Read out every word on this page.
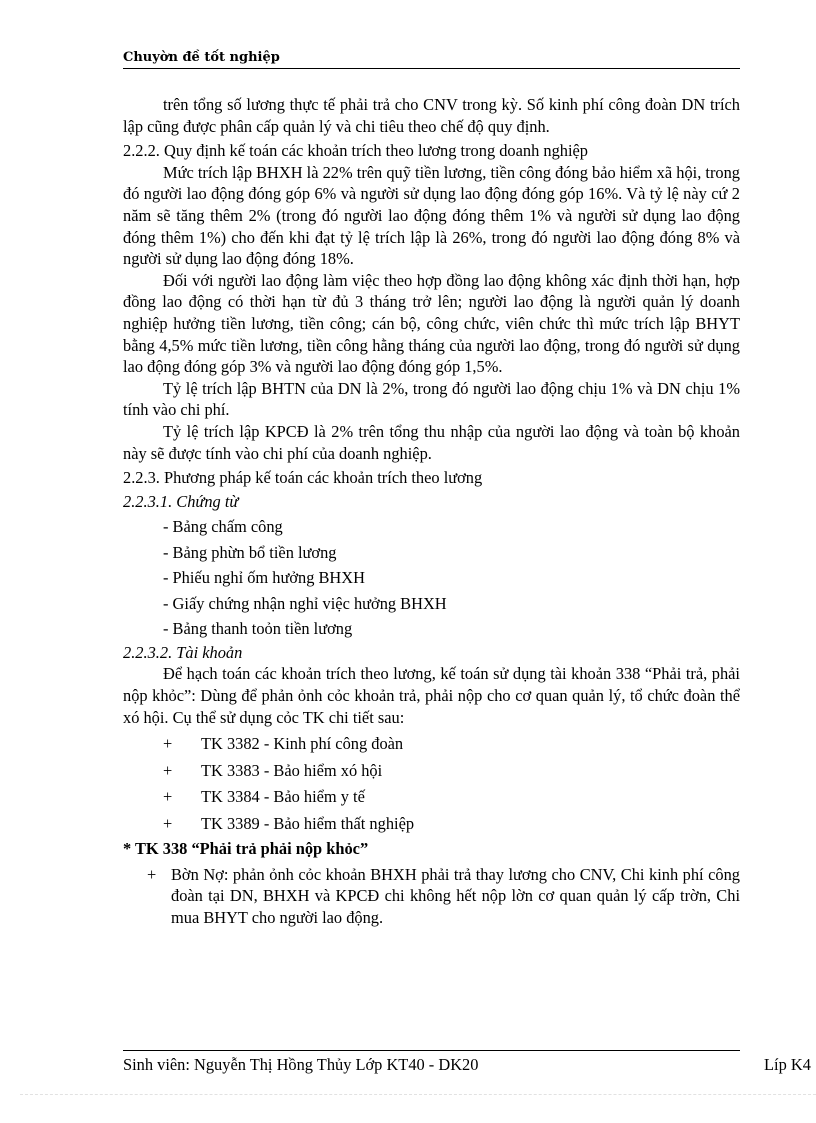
Chuyờn đề tốt nghiệp

trên tổng số lương thực tế phải trả cho CNV trong kỳ. Số kinh phí công đoàn DN trích lập cũng được phân cấp quản lý và chi tiêu theo chế độ quy định.

2.2.2. Quy định kế toán các khoản trích theo lương trong doanh nghiệp

Mức trích lập BHXH là 22% trên quỹ tiền lương, tiền công đóng bảo hiểm xã hội, trong đó người lao động đóng góp 6% và người sử dụng lao động đóng góp 16%. Và tỷ lệ này cứ 2 năm sẽ tăng thêm 2% (trong đó người lao động đóng thêm 1% và người sử dụng lao động đóng thêm 1%) cho đến khi đạt tỷ lệ trích lập là 26%, trong đó người lao động đóng 8% và người sử dụng lao động đóng 18%.

Đối với người lao động làm việc theo hợp đồng lao động không xác định thời hạn, hợp đồng lao động có thời hạn từ đủ 3 tháng trở lên; người lao động là người quản lý doanh nghiệp hưởng tiền lương, tiền công; cán bộ, công chức, viên chức thì mức trích lập BHYT bằng 4,5% mức tiền lương, tiền công hằng tháng của người lao động, trong đó người sử dụng lao động đóng góp 3% và người lao động đóng góp 1,5%.

Tỷ lệ trích lập BHTN của DN là 2%, trong đó người lao động chịu 1% và DN chịu 1% tính vào chi phí.

Tỷ lệ trích lập KPCĐ là 2% trên tổng thu nhập của người lao động và toàn bộ khoản này sẽ được tính vào chi phí của doanh nghiệp.

2.2.3. Phương pháp kế toán các khoản trích theo lương

2.2.3.1. Chứng từ

- Bảng chấm công
- Bảng phừn bổ tiền lương
- Phiếu nghỉ ốm hưởng BHXH
- Giấy chứng nhận nghỉ việc hưởng BHXH
- Bảng thanh toỏn tiền lương

2.2.3.2. Tài khoản

Để hạch toán các khoản trích theo lương, kế toán sử dụng tài khoản 338 “Phải trả, phải nộp khỏc”: Dùng để phản ỏnh cỏc khoản trả, phải nộp cho cơ quan quản lý, tổ chức đoàn thể xó hội. Cụ thể sử dụng cỏc TK chi tiết sau:

+	TK 3382 - Kinh phí công đoàn
+	TK 3383 - Bảo hiểm xó hội
+	TK 3384 - Bảo hiểm y tế
+	TK 3389 - Bảo hiểm thất nghiệp

* TK 338 “Phải trả phải nộp khỏc”

+ Bờn Nợ: phản ỏnh cỏc khoản BHXH phải trả thay lương cho CNV, Chi kinh phí công đoàn tại DN, BHXH và KPCĐ chi không hết nộp lờn cơ quan quản lý cấp trờn, Chi mua BHYT cho người lao động.
Sinh viên: Nguyễn Thị Hồng Thủy Lớp KT40 - DK20	Líp K4
